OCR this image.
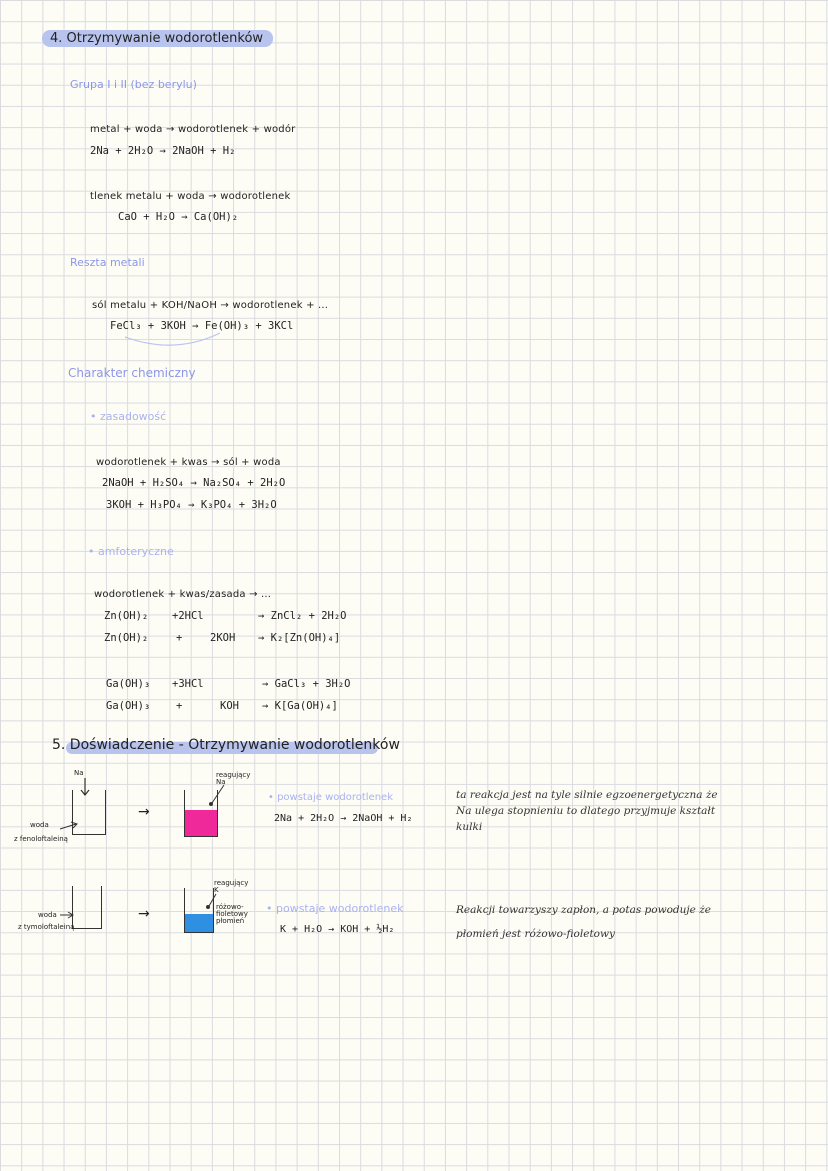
4. Otrzymywanie wodorotlenków
Grupa I i II (bez berylu)
metal + woda → wodorotlenek + wodór
2Na + 2H₂O → 2NaOH + H₂
tlenek metalu + woda → wodorotlenek
CaO + H₂O → Ca(OH)₂
Reszta metali
sól metalu + KOH/NaOH → wodorotlenek + ...
FeCl₃ + 3KOH → Fe(OH)₃ + 3KCl
Charakter chemiczny
• zasadowość
wodorotlenek + kwas → sól + woda
2NaOH + H₂SO₄ → Na₂SO₄ + 2H₂O
3KOH + H₃PO₄ → K₃PO₄ + 3H₂O
• amfoteryczne
wodorotlenek + kwas/zasada → ...
Zn(OH)₂ +2HCl	→ ZnCl₂ + 2H₂O
Zn(OH)₂	+	2KOH → K₂[Zn(OH)₄]
Ga(OH)₃ +3HCl	→ GaCl₃ + 3H₂O
Ga(OH)₃ +	KOH → K[Ga(OH)₄]
5. Doświadczenie - Otrzymywanie wodorotlenków
Na
woda
z fenoloftaleiną
→
reagujący Na
• powstaje wodorotlenek
2Na + 2H₂O → 2NaOH + H₂
ta reakcja jest na tyle silnie egzoenergetyczna że Na ulega stopnieniu to dlatego przyjmuje kształt kulki
woda
z tymoloftaleiną
→
reagujący K
różowo-fioletowy płomień
• powstaje wodorotlenek
K + H₂O → KOH + ½H₂
Reakcji towarzyszy zapłon, a potas powoduje że
płomień jest różowo-fioletowy
